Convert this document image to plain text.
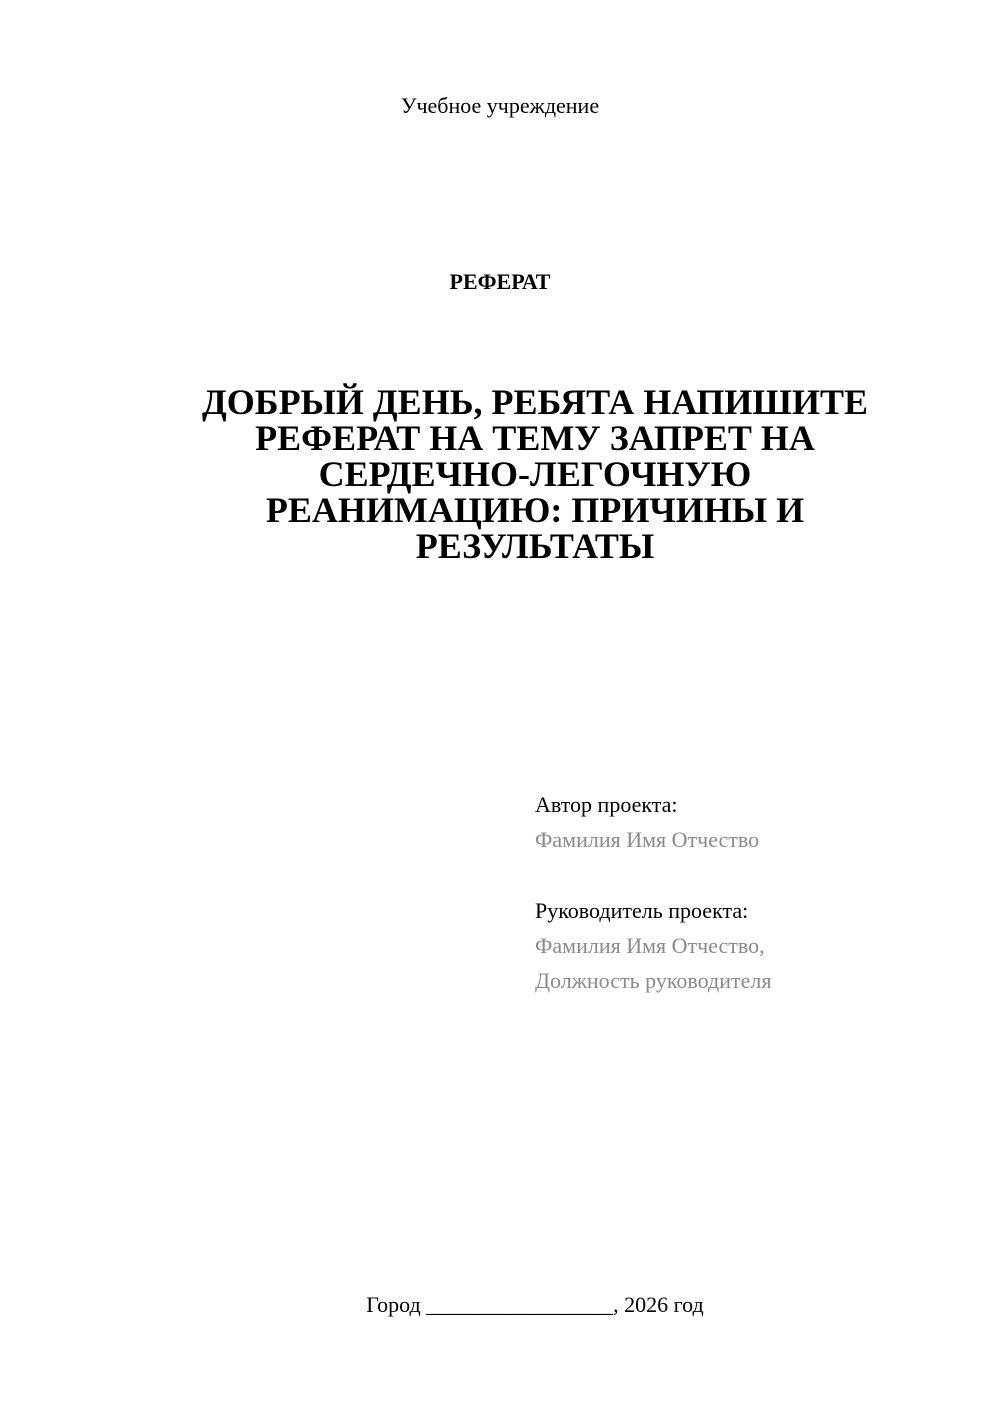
Учебное учреждение
РЕФЕРАТ
ДОБРЫЙ ДЕНЬ, РЕБЯТА НАПИШИТЕ
РЕФЕРАТ НА ТЕМУ ЗАПРЕТ НА
СЕРДЕЧНО-ЛЕГОЧНУЮ
РЕАНИМАЦИЮ: ПРИЧИНЫ И
РЕЗУЛЬТАТЫ
Автор проекта:
Фамилия Имя Отчество
Руководитель проекта:
Фамилия Имя Отчество,
Должность руководителя
Город _________________, 2026 год
